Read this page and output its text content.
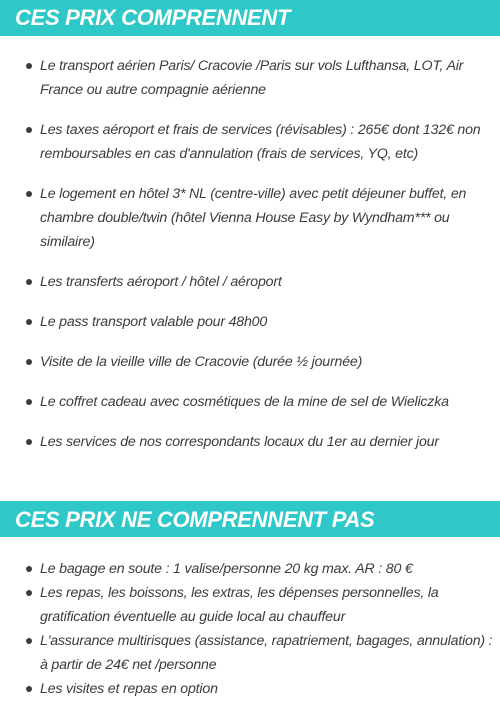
CES PRIX COMPRENNENT
Le transport aérien Paris/ Cracovie /Paris sur vols Lufthansa, LOT, Air France ou autre compagnie aérienne
Les taxes aéroport et frais de services (révisables) : 265€ dont 132€ non remboursables en cas d'annulation (frais de services, YQ, etc)
Le logement en hôtel 3* NL (centre-ville) avec petit déjeuner buffet, en chambre double/twin (hôtel Vienna House Easy by Wyndham*** ou similaire)
Les transferts aéroport / hôtel / aéroport
Le pass transport valable pour 48h00
Visite de la vieille ville de Cracovie (durée ½ journée)
Le coffret cadeau avec cosmétiques de la mine de sel de Wieliczka
Les services de nos correspondants locaux du 1er au dernier jour
CES PRIX NE COMPRENNENT PAS
Le bagage en soute : 1 valise/personne 20 kg max. AR : 80 €
Les repas, les boissons, les extras, les dépenses personnelles, la gratification éventuelle au guide local au chauffeur
L'assurance multirisques (assistance, rapatriement, bagages, annulation) : à partir de 24€ net /personne
Les visites et repas en option
